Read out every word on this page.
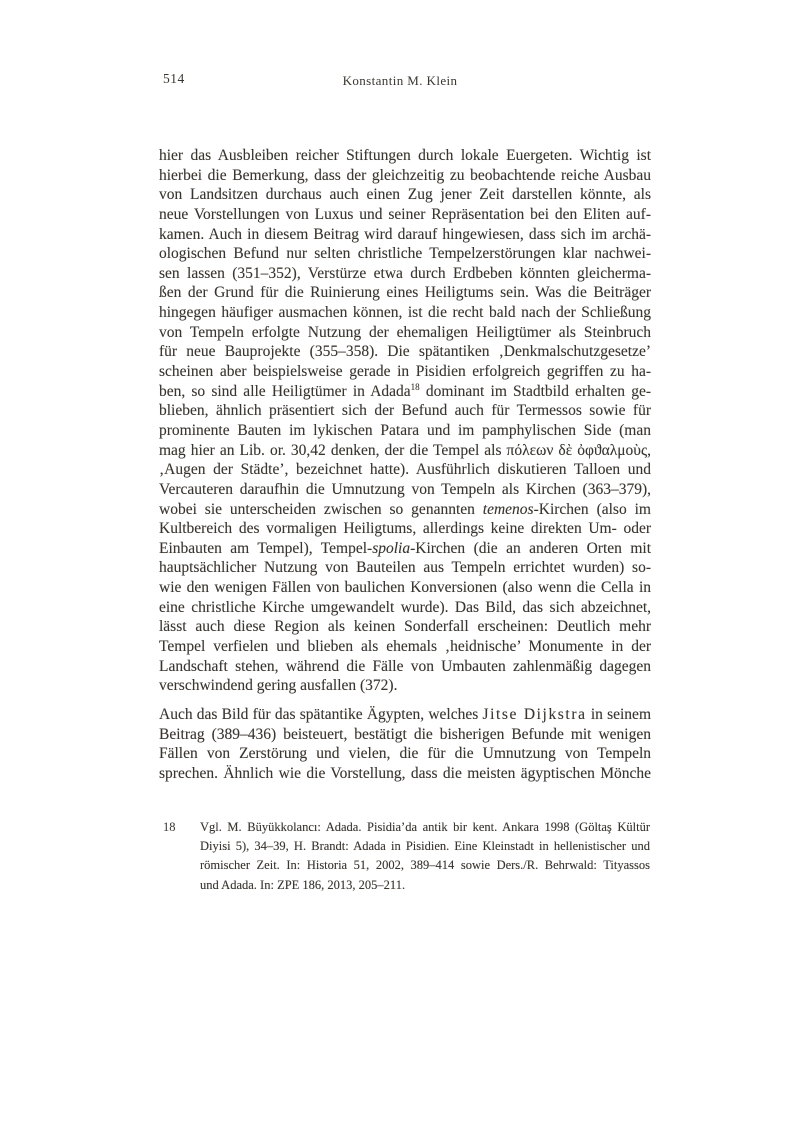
514	Konstantin M. Klein
hier das Ausbleiben reicher Stiftungen durch lokale Euergeten. Wichtig ist
hierbei die Bemerkung, dass der gleichzeitig zu beobachtende reiche Ausbau
von Landsitzen durchaus auch einen Zug jener Zeit darstellen könnte, als
neue Vorstellungen von Luxus und seiner Repräsentation bei den Eliten auf-
kamen. Auch in diesem Beitrag wird darauf hingewiesen, dass sich im archä-
ologischen Befund nur selten christliche Tempelzerstörungen klar nachwei-
sen lassen (351–352), Verstürze etwa durch Erdbeben könnten gleicherma-
ßen der Grund für die Ruinierung eines Heiligtums sein. Was die Beiträger
hingegen häufiger ausmachen können, ist die recht bald nach der Schließung
von Tempeln erfolgte Nutzung der ehemaligen Heiligtümer als Steinbruch
für neue Bauprojekte (355–358). Die spätantiken ‚Denkmalschutzgesetze’
scheinen aber beispielsweise gerade in Pisidien erfolgreich gegriffen zu ha-
ben, so sind alle Heiligtümer in Adada$^{18}$ dominant im Stadtbild erhalten ge-
blieben, ähnlich präsentiert sich der Befund auch für Termessos sowie für
prominente Bauten im lykischen Patara und im pamphylischen Side (man
mag hier an Lib. or. 30,42 denken, der die Tempel als πόλεων δὲ ὀφϑαλμοὺς,
‚Augen der Städte’, bezeichnet hatte). Ausführlich diskutieren Talloen und
Vercauteren daraufhin die Umnutzung von Tempeln als Kirchen (363–379),
wobei sie unterscheiden zwischen so genannten temenos-Kirchen (also im
Kultbereich des vormaligen Heiligtums, allerdings keine direkten Um- oder
Einbauten am Tempel), Tempel-spolia-Kirchen (die an anderen Orten mit
hauptsächlicher Nutzung von Bauteilen aus Tempeln errichtet wurden) so-
wie den wenigen Fällen von baulichen Konversionen (also wenn die Cella in
eine christliche Kirche umgewandelt wurde). Das Bild, das sich abzeichnet,
lässt auch diese Region als keinen Sonderfall erscheinen: Deutlich mehr
Tempel verfielen und blieben als ehemals ‚heidnische’ Monumente in der
Landschaft stehen, während die Fälle von Umbauten zahlenmäßig dagegen
verschwindend gering ausfallen (372).
Auch das Bild für das spätantike Ägypten, welches Jitse Dijkstra in seinem
Beitrag (389–436) beisteuert, bestätigt die bisherigen Befunde mit wenigen
Fällen von Zerstörung und vielen, die für die Umnutzung von Tempeln
sprechen. Ähnlich wie die Vorstellung, dass die meisten ägyptischen Mönche
18 Vgl. M. Büyükkolancı: Adada. Pisidia’da antik bir kent. Ankara 1998 (Göltaş Kültür
Diyisi 5), 34–39, H. Brandt: Adada in Pisidien. Eine Kleinstadt in hellenistischer und
römischer Zeit. In: Historia 51, 2002, 389–414 sowie Ders./R. Behrwald: Tityassos
und Adada. In: ZPE 186, 2013, 205–211.
